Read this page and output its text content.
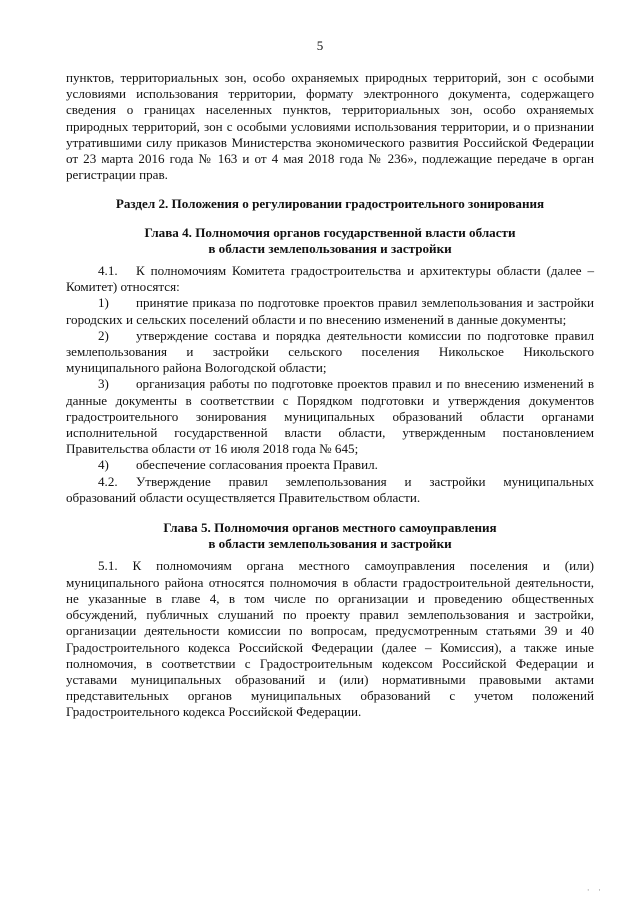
5

пунктов, территориальных зон, особо охраняемых природных территорий, зон с особыми условиями использования территории, формату электронного документа, содержащего сведения о границах населенных пунктов, территориальных зон, особо охраняемых природных территорий, зон с особыми условиями использования территории, и о признании утратившими силу приказов Министерства экономического развития Российской Федерации от 23 марта 2016 года № 163 и от 4 мая 2018 года № 236», подлежащие передаче в орган регистрации прав.

Раздел 2. Положения о регулировании градостроительного зонирования

Глава 4. Полномочия органов государственной власти области
в области землепользования и застройки

4.1. К полномочиям Комитета градостроительства и архитектуры области (далее – Комитет) относятся:

1) принятие приказа по подготовке проектов правил землепользования и застройки городских и сельских поселений области и по внесению изменений в данные документы;

2) утверждение состава и порядка деятельности комиссии по подготовке правил землепользования и застройки сельского поселения Никольское Никольского муниципального района Вологодской области;

3) организация работы по подготовке проектов правил и по внесению изменений в данные документы в соответствии с Порядком подготовки и утверждения документов градостроительного зонирования муниципальных образований области органами исполнительной государственной власти области, утвержденным постановлением Правительства области от 16 июля 2018 года № 645;

4) обеспечение согласования проекта Правил.

4.2. Утверждение правил землепользования и застройки муниципальных образований области осуществляется Правительством области.

Глава 5. Полномочия органов местного самоуправления
в области землепользования и застройки

5.1. К полномочиям органа местного самоуправления поселения и (или) муниципального района относятся полномочия в области градостроительной деятельности, не указанные в главе 4, в том числе по организации и проведению общественных обсуждений, публичных слушаний по проекту правил землепользования и застройки, организации деятельности комиссии по вопросам, предусмотренным статьями 39 и 40 Градостроительного кодекса Российской Федерации (далее – Комиссия), а также иные полномочия, в соответствии с Градостроительным кодексом Российской Федерации и уставами муниципальных образований и (или) нормативными правовыми актами представительных органов муниципальных образований с учетом положений Градостроительного кодекса Российской Федерации.

· ·
